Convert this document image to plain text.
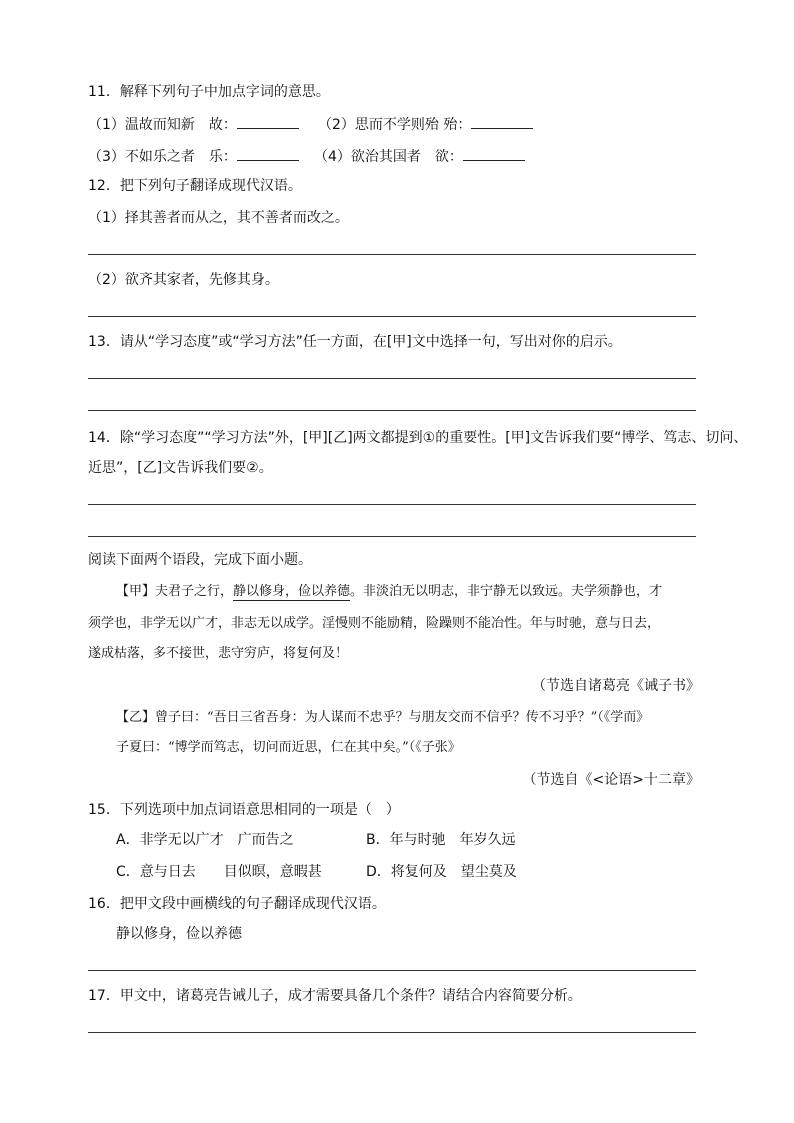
11．解释下列句子中加点字词的意思。
（1）温故而知新　故：	（2）思而不学则殆 殆：
（3）不如乐之者　乐：	（4）欲治其国者　欲：
12．把下列句子翻译成现代汉语。
（1）择其善者而从之，其不善者而改之。
（2）欲齐其家者，先修其身。
13．请从“学习态度”或“学习方法”任一方面，在[甲]文中选择一句，写出对你的启示。
14．除“学习态度”“学习方法”外，[甲][乙]两文都提到①的重要性。[甲]文告诉我们要“博学、笃志、切问、
近思”，[乙]文告诉我们要②。
阅读下面两个语段，完成下面小题。
【甲】夫君子之行，静以修身，俭以养德。非淡泊无以明志，非宁静无以致远。夫学须静也，才
须学也，非学无以广才，非志无以成学。淫慢则不能励精，险躁则不能冶性。年与时驰，意与日去，
遂成枯落，多不接世，悲守穷庐，将复何及！
（节选自诸葛亮《诫子书》
【乙】曾子曰：“吾日三省吾身：为人谋而不忠乎？与朋友交而不信乎？传不习乎？”（《学而》
子夏曰：“博学而笃志，切问而近思，仁在其中矣。”（《子张》
（节选自《<论语>十二章》
15．下列选项中加点词语意思相同的一项是（　）
A．非学无以广才　广而告之	B．年与时驰　年岁久远
C．意与日去　　目似暝，意暇甚	D．将复何及　望尘莫及
16．把甲文段中画横线的句子翻译成现代汉语。
静以修身，俭以养德
17．甲文中，诸葛亮告诫儿子，成才需要具备几个条件？请结合内容简要分析。
